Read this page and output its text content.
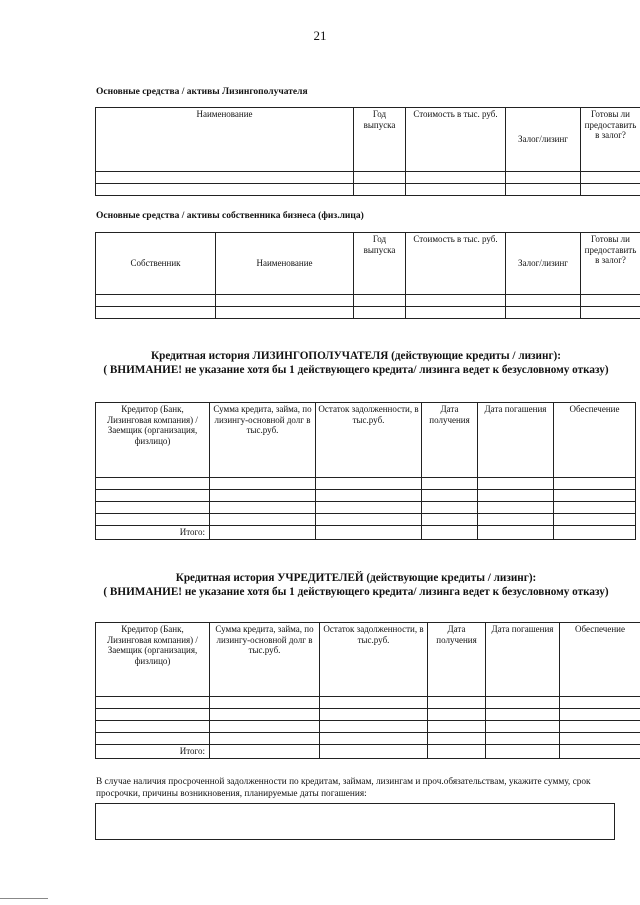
21
Основные средства / активы Лизингополучателя
Наименование	Год выпуска	Стоимость в тыс. руб.	Залог/лизинг	Готовы ли предоставить в залог?

Основные средства / активы собственника бизнеса (физ.лица)
Собственник	Наименование	Год выпуска	Стоимость в тыс. руб.	Залог/лизинг	Готовы ли предоставить в залог?

Кредитная история ЛИЗИНГОПОЛУЧАТЕЛЯ (действующие кредиты / лизинг):
( ВНИМАНИЕ! не указание хотя бы 1 действующего кредита/ лизинга ведет к безусловному отказу)
Кредитор (Банк, Лизинговая компания) /Заемщик (организация, физлицо)	Сумма кредита, займа, по лизингу-основной долг в тыс.руб.	Остаток задолженности, в тыс.руб.	Дата получения	Дата погашения	Обеспечение

Итого:					
Кредитная история УЧРЕДИТЕЛЕЙ (действующие кредиты / лизинг):
( ВНИМАНИЕ! не указание хотя бы 1 действующего кредита/ лизинга ведет к безусловному отказу)
Кредитор (Банк, Лизинговая компания) /Заемщик (организация, физлицо)	Сумма кредита, займа, по лизингу-основной долг в тыс.руб.	Остаток задолженности, в тыс.руб.	Дата получения	Дата погашения	Обеспечение

Итого:					
В случае наличия просроченной задолженности по кредитам, займам, лизингам и проч.обязательствам, укажите сумму, срок просрочки, причины возникновения, планируемые даты погашения:
